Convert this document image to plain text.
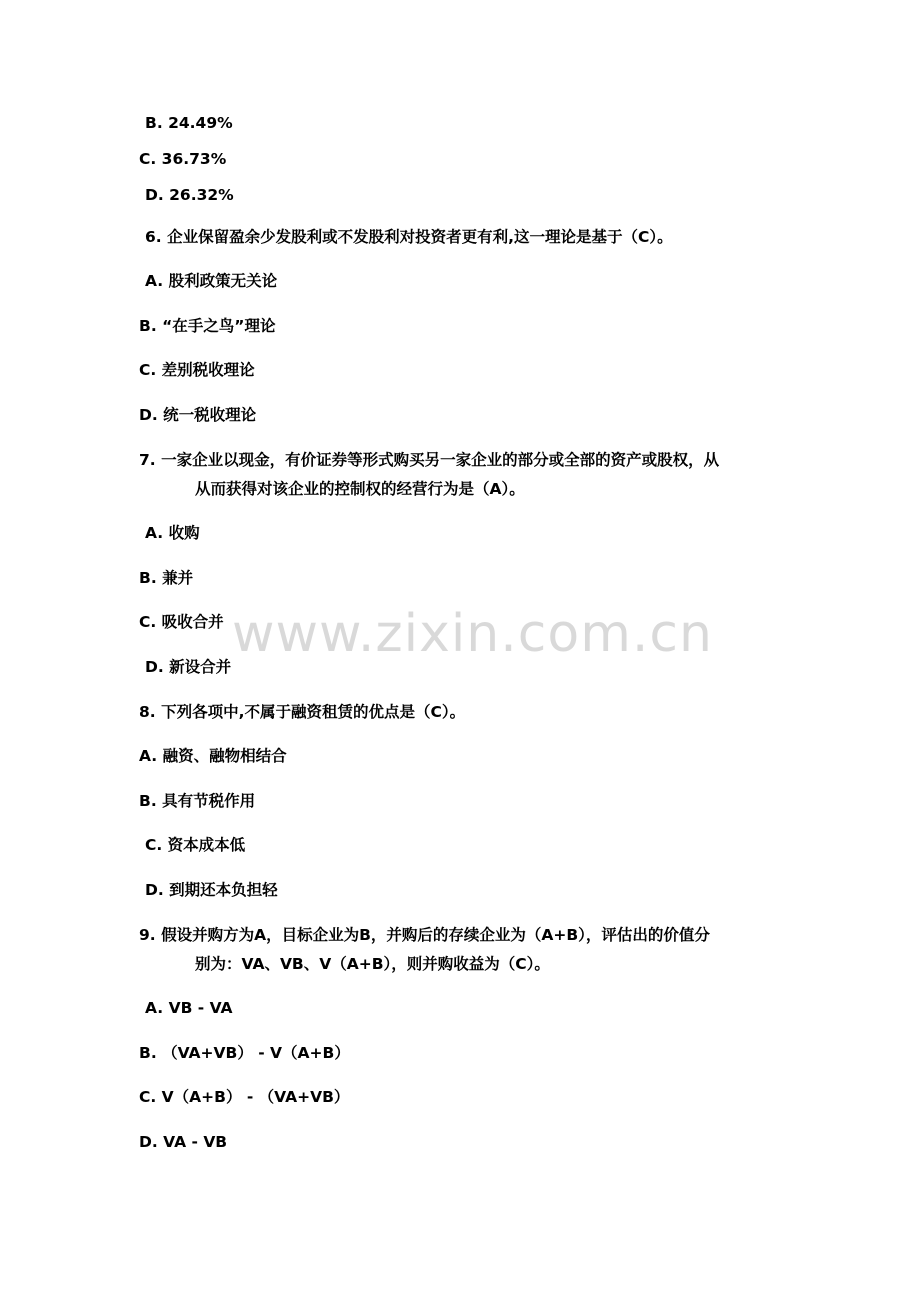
B. 24.49%
C. 36.73%
D. 26.32%
6. 企业保留盈余少发股利或不发股利对投资者更有利,这一理论是基于（C）。
A. 股利政策无关论
B. “在手之鸟”理论
C. 差别税收理论
D. 统一税收理论
7. 一家企业以现金，有价证券等形式购买另一家企业的部分或全部的资产或股权，从
从而获得对该企业的控制权的经营行为是（A）。
A. 收购
B. 兼并
C. 吸收合并
D. 新设合并
8. 下列各项中,不属于融资租赁的优点是（C）。
A. 融资、融物相结合
B. 具有节税作用
C. 资本成本低
D. 到期还本负担轻
9. 假设并购方为A，目标企业为B，并购后的存续企业为（A+B），评估出的价值分
别为：VA、VB、V（A+B），则并购收益为（C）。
A. VB - VA
B. （VA+VB） - V（A+B）
C. V（A+B） - （VA+VB）
D. VA - VB
www.zixin.com.cn
